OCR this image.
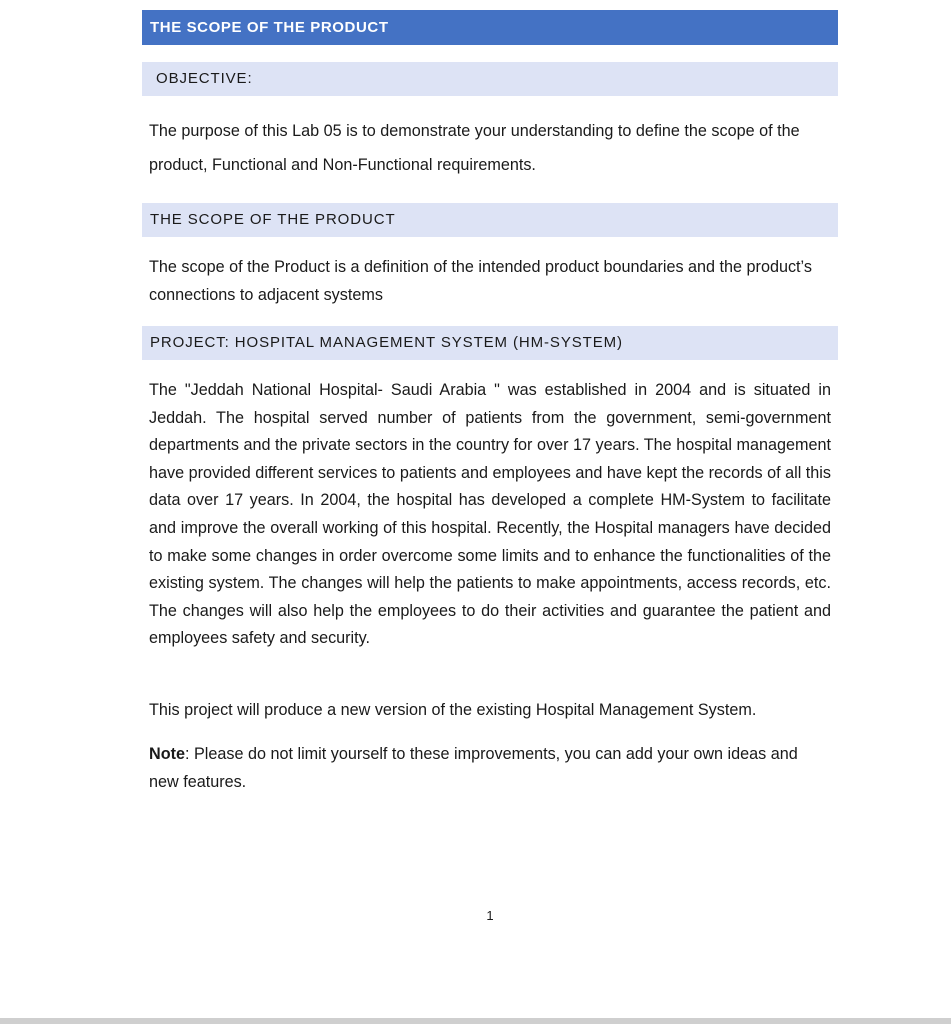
THE SCOPE OF THE PRODUCT
OBJECTIVE:

The purpose of this Lab 05 is to demonstrate your understanding to define the scope of the product, Functional and Non-Functional requirements.

THE SCOPE OF THE PRODUCT

The scope of the Product is a definition of the intended product boundaries and the product’s connections to adjacent systems

PROJECT: HOSPITAL MANAGEMENT SYSTEM (HM-SYSTEM)

The "Jeddah National Hospital- Saudi Arabia " was established in 2004 and is situated in Jeddah. The hospital served number of patients from the government, semi-government departments and the private sectors in the country for over 17 years. The hospital management have provided different services to patients and employees and have kept the records of all this data over 17 years. In 2004, the hospital has developed a complete HM-System to facilitate and improve the overall working of this hospital. Recently, the Hospital managers have decided to make some changes in order overcome some limits and to enhance the functionalities of the existing system. The changes will help the patients to make appointments, access records, etc. The changes will also help the employees to do their activities and guarantee the patient and employees safety and security.

This project will produce a new version of the existing Hospital Management System.

Note: Please do not limit yourself to these improvements, you can add your own ideas and new features.

1
